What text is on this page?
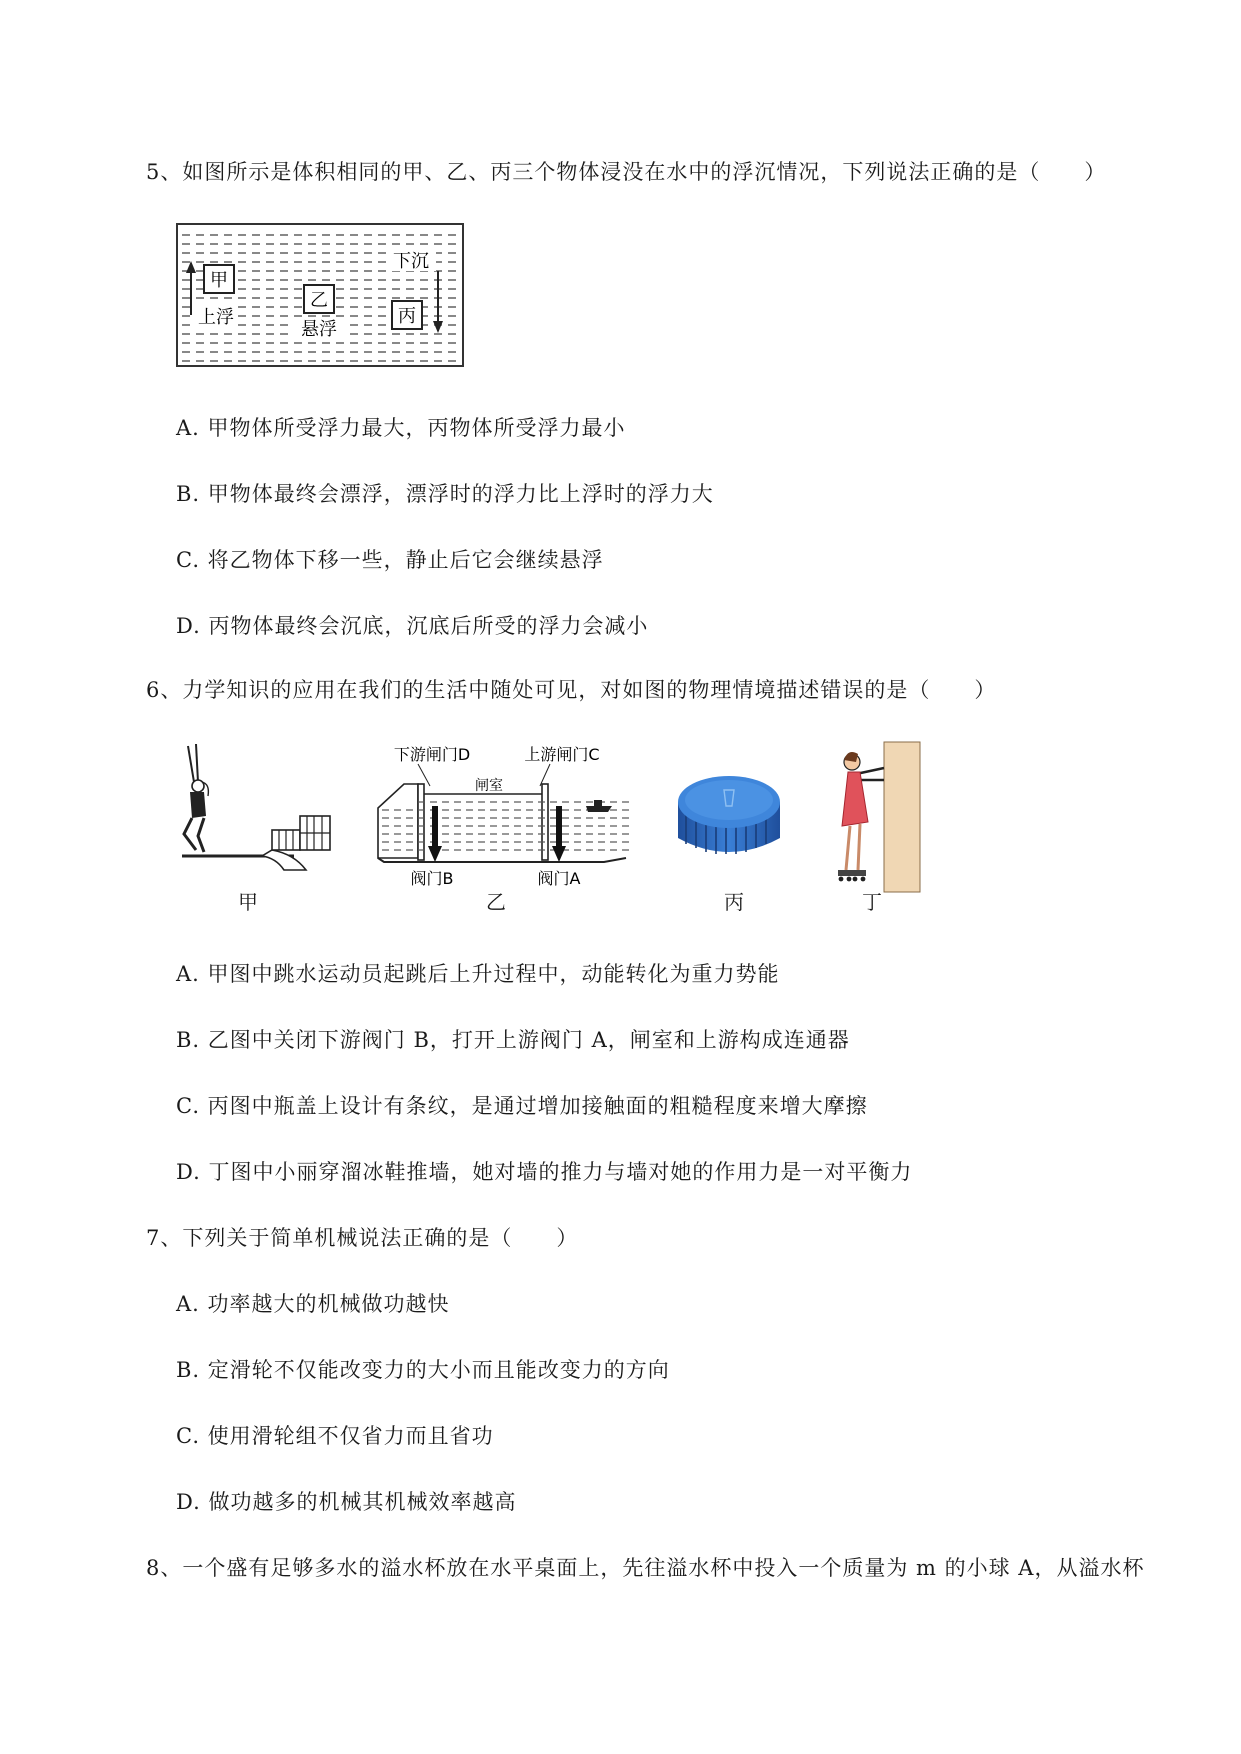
5、如图所示是体积相同的甲、乙、丙三个物体浸没在水中的浮沉情况，下列说法正确的是（　　）
甲
上浮
乙
悬浮
下沉
丙
A. 甲物体所受浮力最大，丙物体所受浮力最小
B. 甲物体最终会漂浮，漂浮时的浮力比上浮时的浮力大
C. 将乙物体下移一些，静止后它会继续悬浮
D. 丙物体最终会沉底，沉底后所受的浮力会减小
6、力学知识的应用在我们的生活中随处可见，对如图的物理情境描述错误的是（　　）
甲
下游闸门D	上游闸门C
闸室
阀门B	阀门A
乙	丙	丁
A. 甲图中跳水运动员起跳后上升过程中，动能转化为重力势能
B. 乙图中关闭下游阀门 B，打开上游阀门 A，闸室和上游构成连通器
C. 丙图中瓶盖上设计有条纹，是通过增加接触面的粗糙程度来增大摩擦
D. 丁图中小丽穿溜冰鞋推墙，她对墙的推力与墙对她的作用力是一对平衡力
7、下列关于简单机械说法正确的是（　　）
A. 功率越大的机械做功越快
B. 定滑轮不仅能改变力的大小而且能改变力的方向
C. 使用滑轮组不仅省力而且省功
D. 做功越多的机械其机械效率越高
8、一个盛有足够多水的溢水杯放在水平桌面上，先往溢水杯中投入一个质量为 m 的小球 A，从溢水杯
